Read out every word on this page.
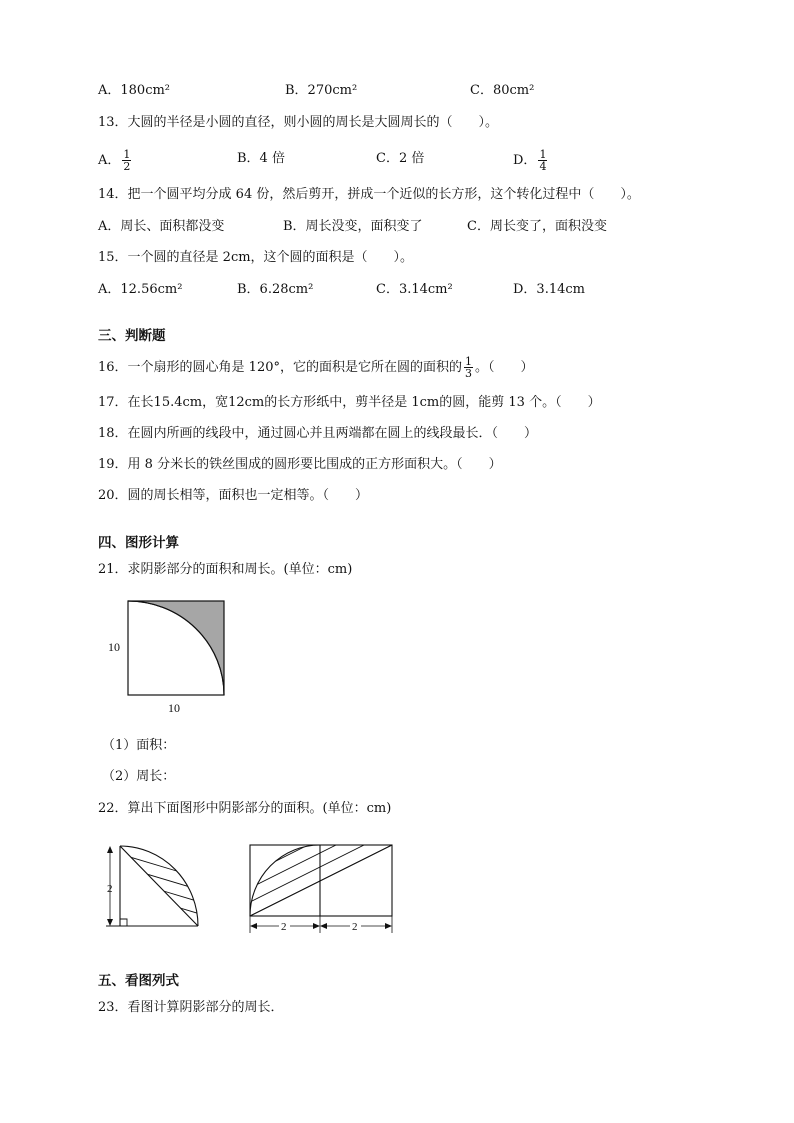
A．180cm²	B．270cm²	C．80cm²
13．大圆的半径是小圆的直径，则小圆的周长是大圆周长的（　　）。
A． $\frac{1}{2}$	B．4 倍	C．2 倍	D． $\frac{1}{4}$
14．把一个圆平均分成 64 份，然后剪开，拼成一个近似的长方形，这个转化过程中（　　）。
A．周长、面积都没变	B．周长没变，面积变了	C．周长变了，面积没变
15．一个圆的直径是 2cm，这个圆的面积是（　　）。
A．12.56cm²	B．6.28cm²	C．3.14cm²	D．3.14cm
三、判断题
16．一个扇形的圆心角是 120°，它的面积是它所在圆的面积的 $\frac{1}{3}$ 。（　　）
17．在长15.4cm，宽12cm的长方形纸中，剪半径是 1cm的圆，能剪 13 个。（　　）
18．在圆内所画的线段中，通过圆心并且两端都在圆上的线段最长．（　　）
19．用 8 分米长的铁丝围成的圆形要比围成的正方形面积大。（　　）
20．圆的周长相等，面积也一定相等。（　　）
四、图形计算
21．求阴影部分的面积和周长。(单位：cm)
10
10
（1）面积：
（2）周长：
22．算出下面图形中阴影部分的面积。(单位：cm)
2
2	2
五、看图列式
23．看图计算阴影部分的周长．
